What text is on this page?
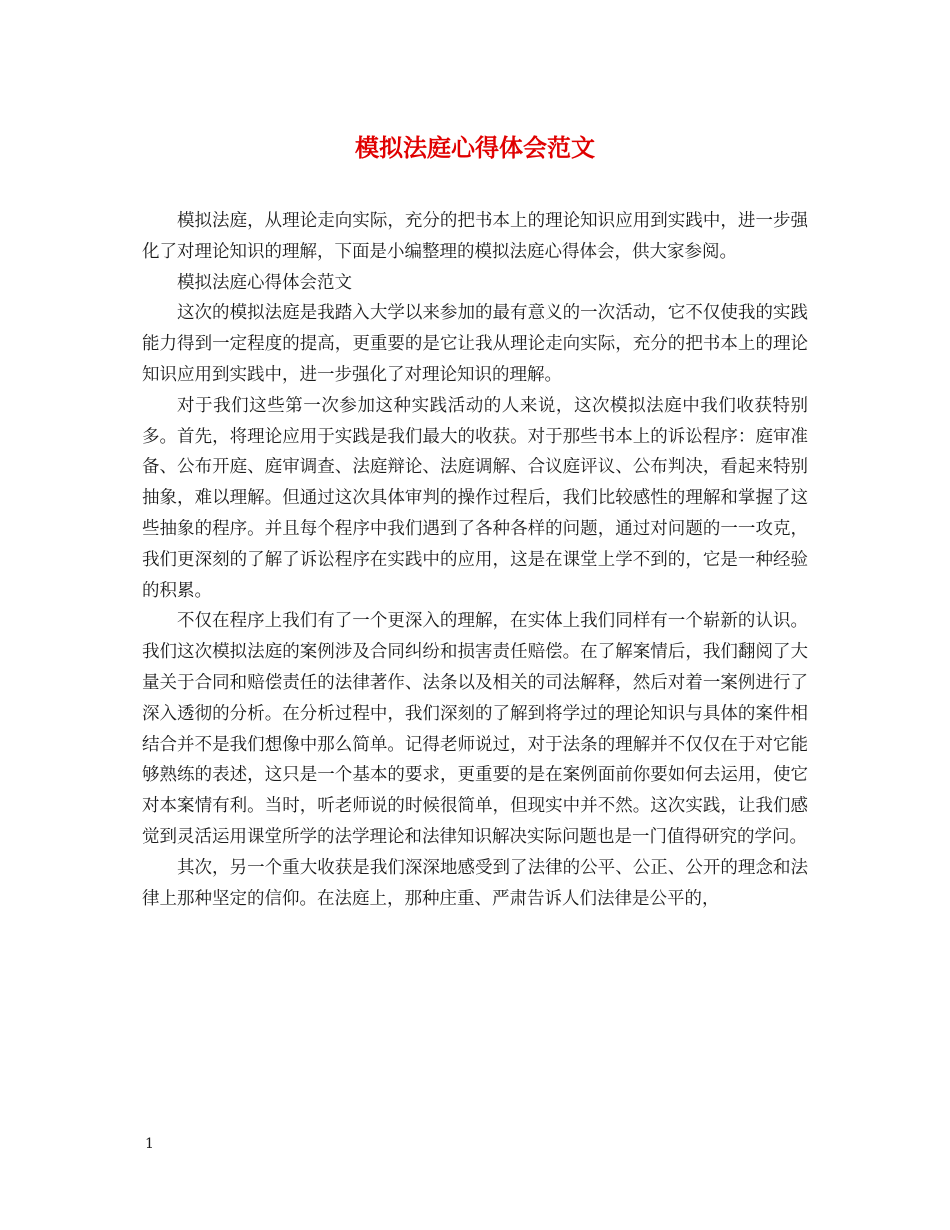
模拟法庭心得体会范文

模拟法庭，从理论走向实际，充分的把书本上的理论知识应用到实践中，进一步强化了对理论知识的理解，下面是小编整理的模拟法庭心得体会，供大家参阅。

模拟法庭心得体会范文

这次的模拟法庭是我踏入大学以来参加的最有意义的一次活动，它不仅使我的实践能力得到一定程度的提高，更重要的是它让我从理论走向实际，充分的把书本上的理论知识应用到实践中，进一步强化了对理论知识的理解。

对于我们这些第一次参加这种实践活动的人来说，这次模拟法庭中我们收获特别多。首先，将理论应用于实践是我们最大的收获。对于那些书本上的诉讼程序：庭审准备、公布开庭、庭审调查、法庭辩论、法庭调解、合议庭评议、公布判决，看起来特别抽象，难以理解。但通过这次具体审判的操作过程后，我们比较感性的理解和掌握了这些抽象的程序。并且每个程序中我们遇到了各种各样的问题，通过对问题的一一攻克，我们更深刻的了解了诉讼程序在实践中的应用，这是在课堂上学不到的，它是一种经验的积累。

不仅在程序上我们有了一个更深入的理解，在实体上我们同样有一个崭新的认识。我们这次模拟法庭的案例涉及合同纠纷和损害责任赔偿。在了解案情后，我们翻阅了大量关于合同和赔偿责任的法律著作、法条以及相关的司法解释，然后对着一案例进行了深入透彻的分析。在分析过程中，我们深刻的了解到将学过的理论知识与具体的案件相结合并不是我们想像中那么简单。记得老师说过，对于法条的理解并不仅仅在于对它能够熟练的表述，这只是一个基本的要求，更重要的是在案例面前你要如何去运用，使它对本案情有利。当时，听老师说的时候很简单，但现实中并不然。这次实践，让我们感觉到灵活运用课堂所学的法学理论和法律知识解决实际问题也是一门值得研究的学问。

其次，另一个重大收获是我们深深地感受到了法律的公平、公正、公开的理念和法律上那种坚定的信仰。在法庭上，那种庄重、严肃告诉人们法律是公平的，

1
